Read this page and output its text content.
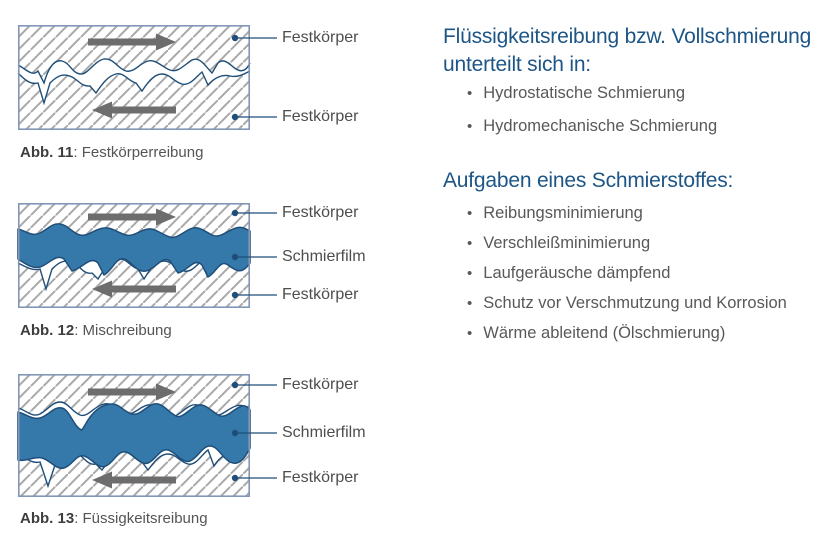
Festkörper
Festkörper
Abb. 11: Festkörperreibung
Festkörper
Schmierfilm
Festkörper
Abb. 12: Mischreibung
Festkörper
Schmierfilm
Festkörper
Abb. 13: Füssigkeitsreibung
Flüssigkeitsreibung bzw. Vollschmierung unterteilt sich in:
• Hydrostatische Schmierung
• Hydromechanische Schmierung
Aufgaben eines Schmierstoffes:
• Reibungsminimierung
• Verschleißminimierung
• Laufgeräusche dämpfend
• Schutz vor Verschmutzung und Korrosion
• Wärme ableitend (Ölschmierung)
